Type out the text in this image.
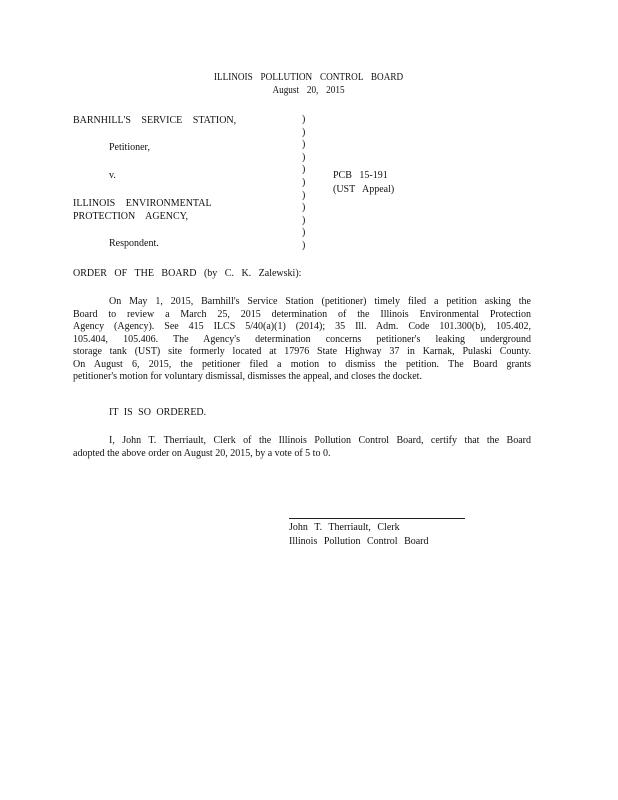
ILLINOIS POLLUTION CONTROL BOARD
August 20, 2015
BARNHILL'S SERVICE STATION,
Petitioner,
v.
ILLINOIS ENVIRONMENTAL
PROTECTION AGENCY,
Respondent.
)
)
)
)
)
)
)
)
)
)
)
PCB 15-191
(UST Appeal)
ORDER OF THE BOARD (by C. K. Zalewski):
On May 1, 2015, Barnhill's Service Station (petitioner) timely filed a petition asking the
Board to review a March 25, 2015 determination of the Illinois Environmental Protection
Agency (Agency). See 415 ILCS 5/40(a)(1) (2014); 35 Ill. Adm. Code 101.300(b), 105.402,
105.404, 105.406. The Agency's determination concerns petitioner's leaking underground
storage tank (UST) site formerly located at 17976 State Highway 37 in Karnak, Pulaski County.
On August 6, 2015, the petitioner filed a motion to dismiss the petition. The Board grants
petitioner's motion for voluntary dismissal, dismisses the appeal, and closes the docket.
IT IS SO ORDERED.
I, John T. Therriault, Clerk of the Illinois Pollution Control Board, certify that the Board
adopted the above order on August 20, 2015, by a vote of 5 to 0.
John T. Therriault, Clerk
Illinois Pollution Control Board
